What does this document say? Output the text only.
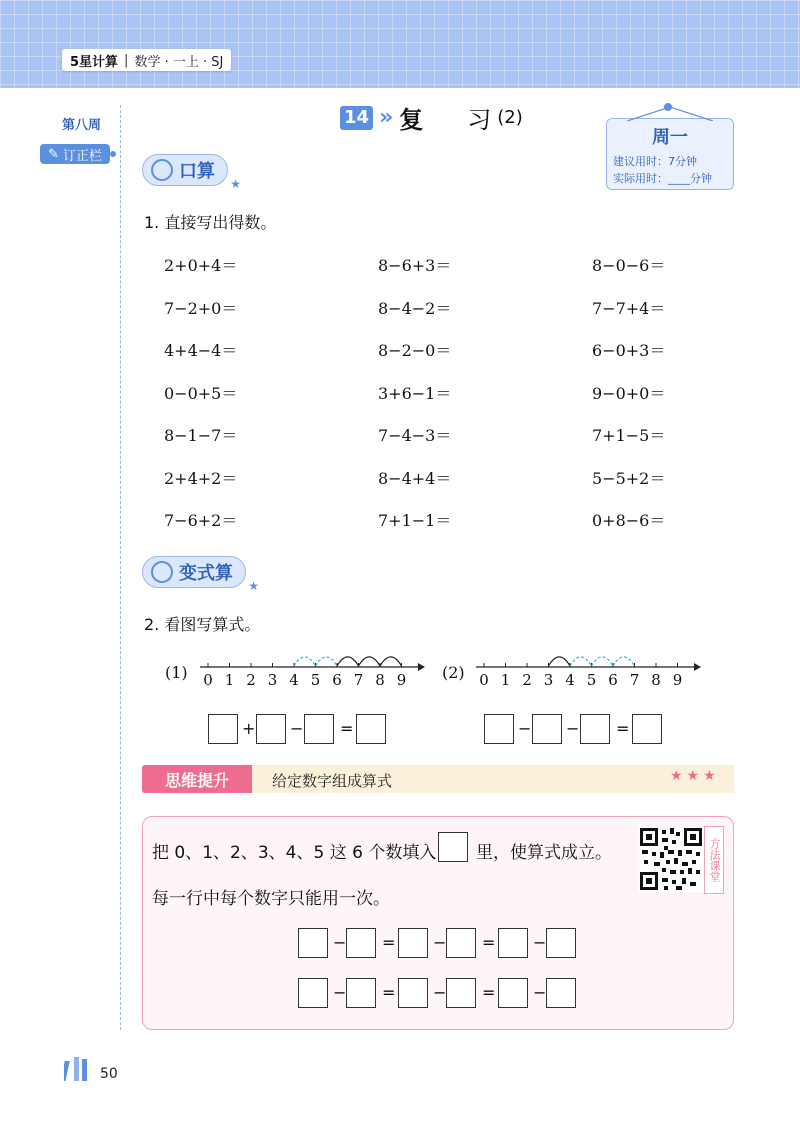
5星计算 | 数学 · 一上 · SJ
第八周
✎ 订正栏
14 » 复 习 (2)
周一
建议用时：7分钟
实际用时：____分钟
口算
★
1. 直接写出得数。
2+0+4＝	8−6+3＝	8−0−6＝
7−2+0＝	8−4−2＝	7−7+4＝
4+4−4＝	8−2−0＝	6−0+3＝
0−0+5＝	3+6−1＝	9−0+0＝
8−1−7＝	7−4−3＝	7+1−5＝
2+4+2＝	8−4+4＝	5−5+2＝
7−6+2＝	7+1−1＝	0+8−6＝
变式算
★
2. 看图写算式。
(1)	(2)
0 1 2 3 4 5 6 7 8 9	0 1 2 3 4 5 6 7 8 9
+ − =	− − =
思维提升	给定数字组成算式	★★★
把 0、1、2、3、4、5 这 6 个数填入 里，使算式成立。
每一行中每个数字只能用一次。
方法课堂
− = − = −
− = − = −
50
